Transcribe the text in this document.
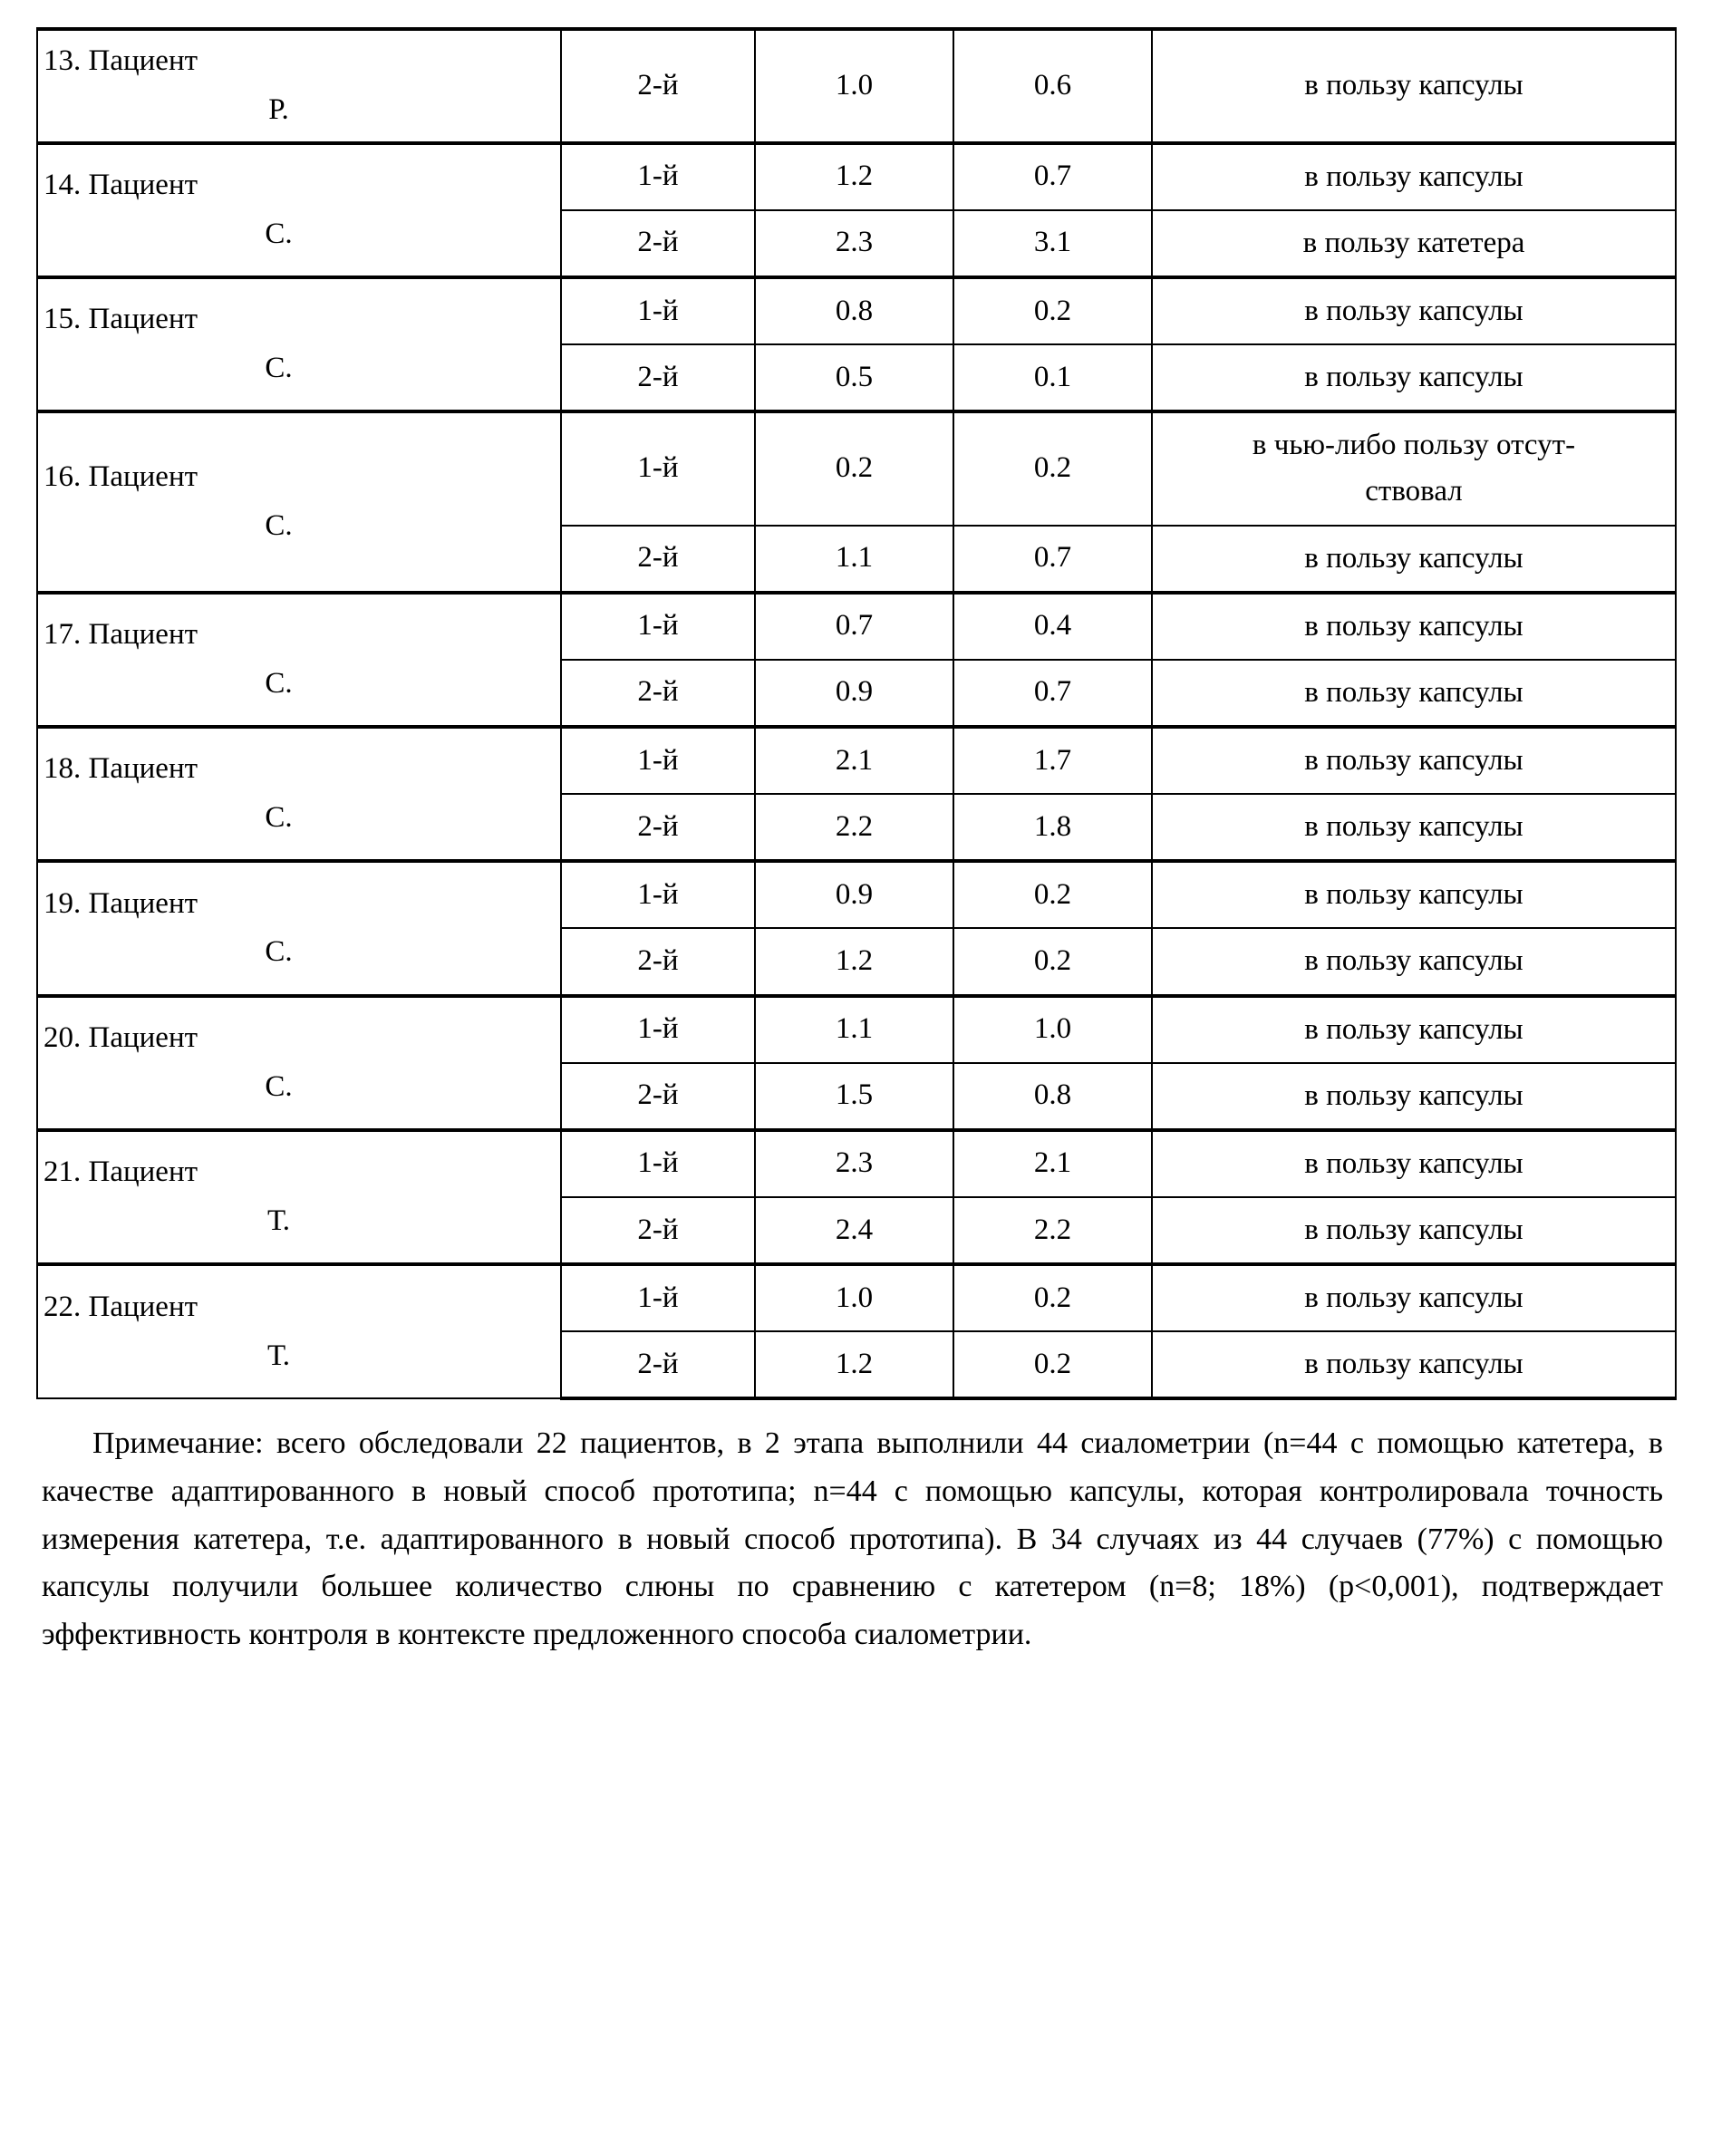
13. Пациент
Р.	2-й	1.0	0.6	в пользу капсулы

14. Пациент
С.	1-й	1.2	0.7	в пользу капсулы

	2-й	2.3	3.1	в пользу катетера

15. Пациент
С.	1-й	0.8	0.2	в пользу капсулы

	2-й	0.5	0.1	в пользу капсулы

16. Пациент
С.	1-й	0.2	0.2	в чью-либо пользу отсут-
ствовал

	2-й	1.1	0.7	в пользу капсулы

17. Пациент
С.	1-й	0.7	0.4	в пользу капсулы

	2-й	0.9	0.7	в пользу капсулы

18. Пациент
С.	1-й	2.1	1.7	в пользу капсулы

	2-й	2.2	1.8	в пользу капсулы

19. Пациент
С.	1-й	0.9	0.2	в пользу капсулы

	2-й	1.2	0.2	в пользу капсулы

20. Пациент
С.	1-й	1.1	1.0	в пользу капсулы

	2-й	1.5	0.8	в пользу капсулы

21. Пациент
Т.	1-й	2.3	2.1	в пользу капсулы

	2-й	2.4	2.2	в пользу капсулы

22. Пациент
Т.	1-й	1.0	0.2	в пользу капсулы

	2-й	1.2	0.2	в пользу капсулы

Примечание: всего обследовали 22 пациентов, в 2 этапа выполнили 44 сиалометрии (n=44 с помощью катетера, в качестве адаптированного в новый способ прототипа; n=44 с помощью капсулы, которая контролировала точность измерения катетера, т.е. адаптированного в новый способ прототипа). В 34 случаях из 44 случаев (77%) с помощью капсулы получили большее количество слюны по сравнению с катетером (n=8; 18%) (p<0,001), подтверждает эффективность контроля в контексте предложенного способа сиалометрии.
